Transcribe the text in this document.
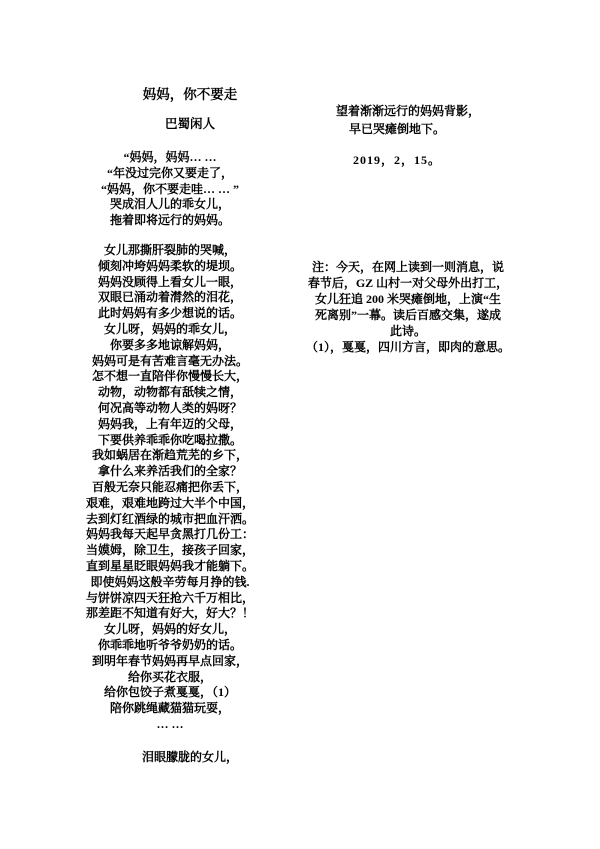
妈妈，你不要走
巴蜀闲人
“妈妈，妈妈… …
“年没过完你又要走了，
“妈妈，你不要走哇… … ”
哭成泪人儿的乖女儿，
拖着即将远行的妈妈。
女儿那撕肝裂肺的哭喊，
倾刻冲垮妈妈柔软的堤坝。
妈妈没顾得上看女儿一眼，
双眼已涌动着潸然的泪花，
此时妈妈有多少想说的话。
女儿呀，妈妈的乖女儿，
你要多多地谅解妈妈，
妈妈可是有苦难言毫无办法。
怎不想一直陪伴你慢慢长大，
动物，动物都有舐犊之情，
何况高等动物人类的妈呀？
妈妈我，上有年迈的父母，
下要供养乖乖你吃喝拉撒。
我如蜗居在渐趋荒芜的乡下，
拿什么来养活我们的全家？
百般无奈只能忍痛把你丢下，
艰难，艰难地跨过大半个中国，
去到灯红酒绿的城市把血汗洒。
妈妈我每天起早贪黑打几份工：
当嫫姆，除卫生，接孩子回家，
直到星星眨眼妈妈我才能躺下。
即使妈妈这般辛劳每月挣的钱.
与饼饼凉四天狂抢六千万相比，
那差距不知道有好大，好大？！
女儿呀，妈妈的好女儿，
你乖乖地听爷爷奶奶的话。
到明年春节妈妈再早点回家，
给你买花衣服，
给你包饺子煮戛戛，（1）
陪你跳绳藏猫猫玩耍，
… …
泪眼朦胧的女儿，
望着渐渐远行的妈妈背影，
早已哭瘫倒地下。
2019，2，15。
注：今天，在网上读到一则消息，说
春节后，GZ 山村一对父母外出打工，
女儿狂追 200 米哭瘫倒地，上演“生
死离别”一幕。读后百感交集，遂成
此诗。
（1），戛戛，四川方言，即肉的意思。
